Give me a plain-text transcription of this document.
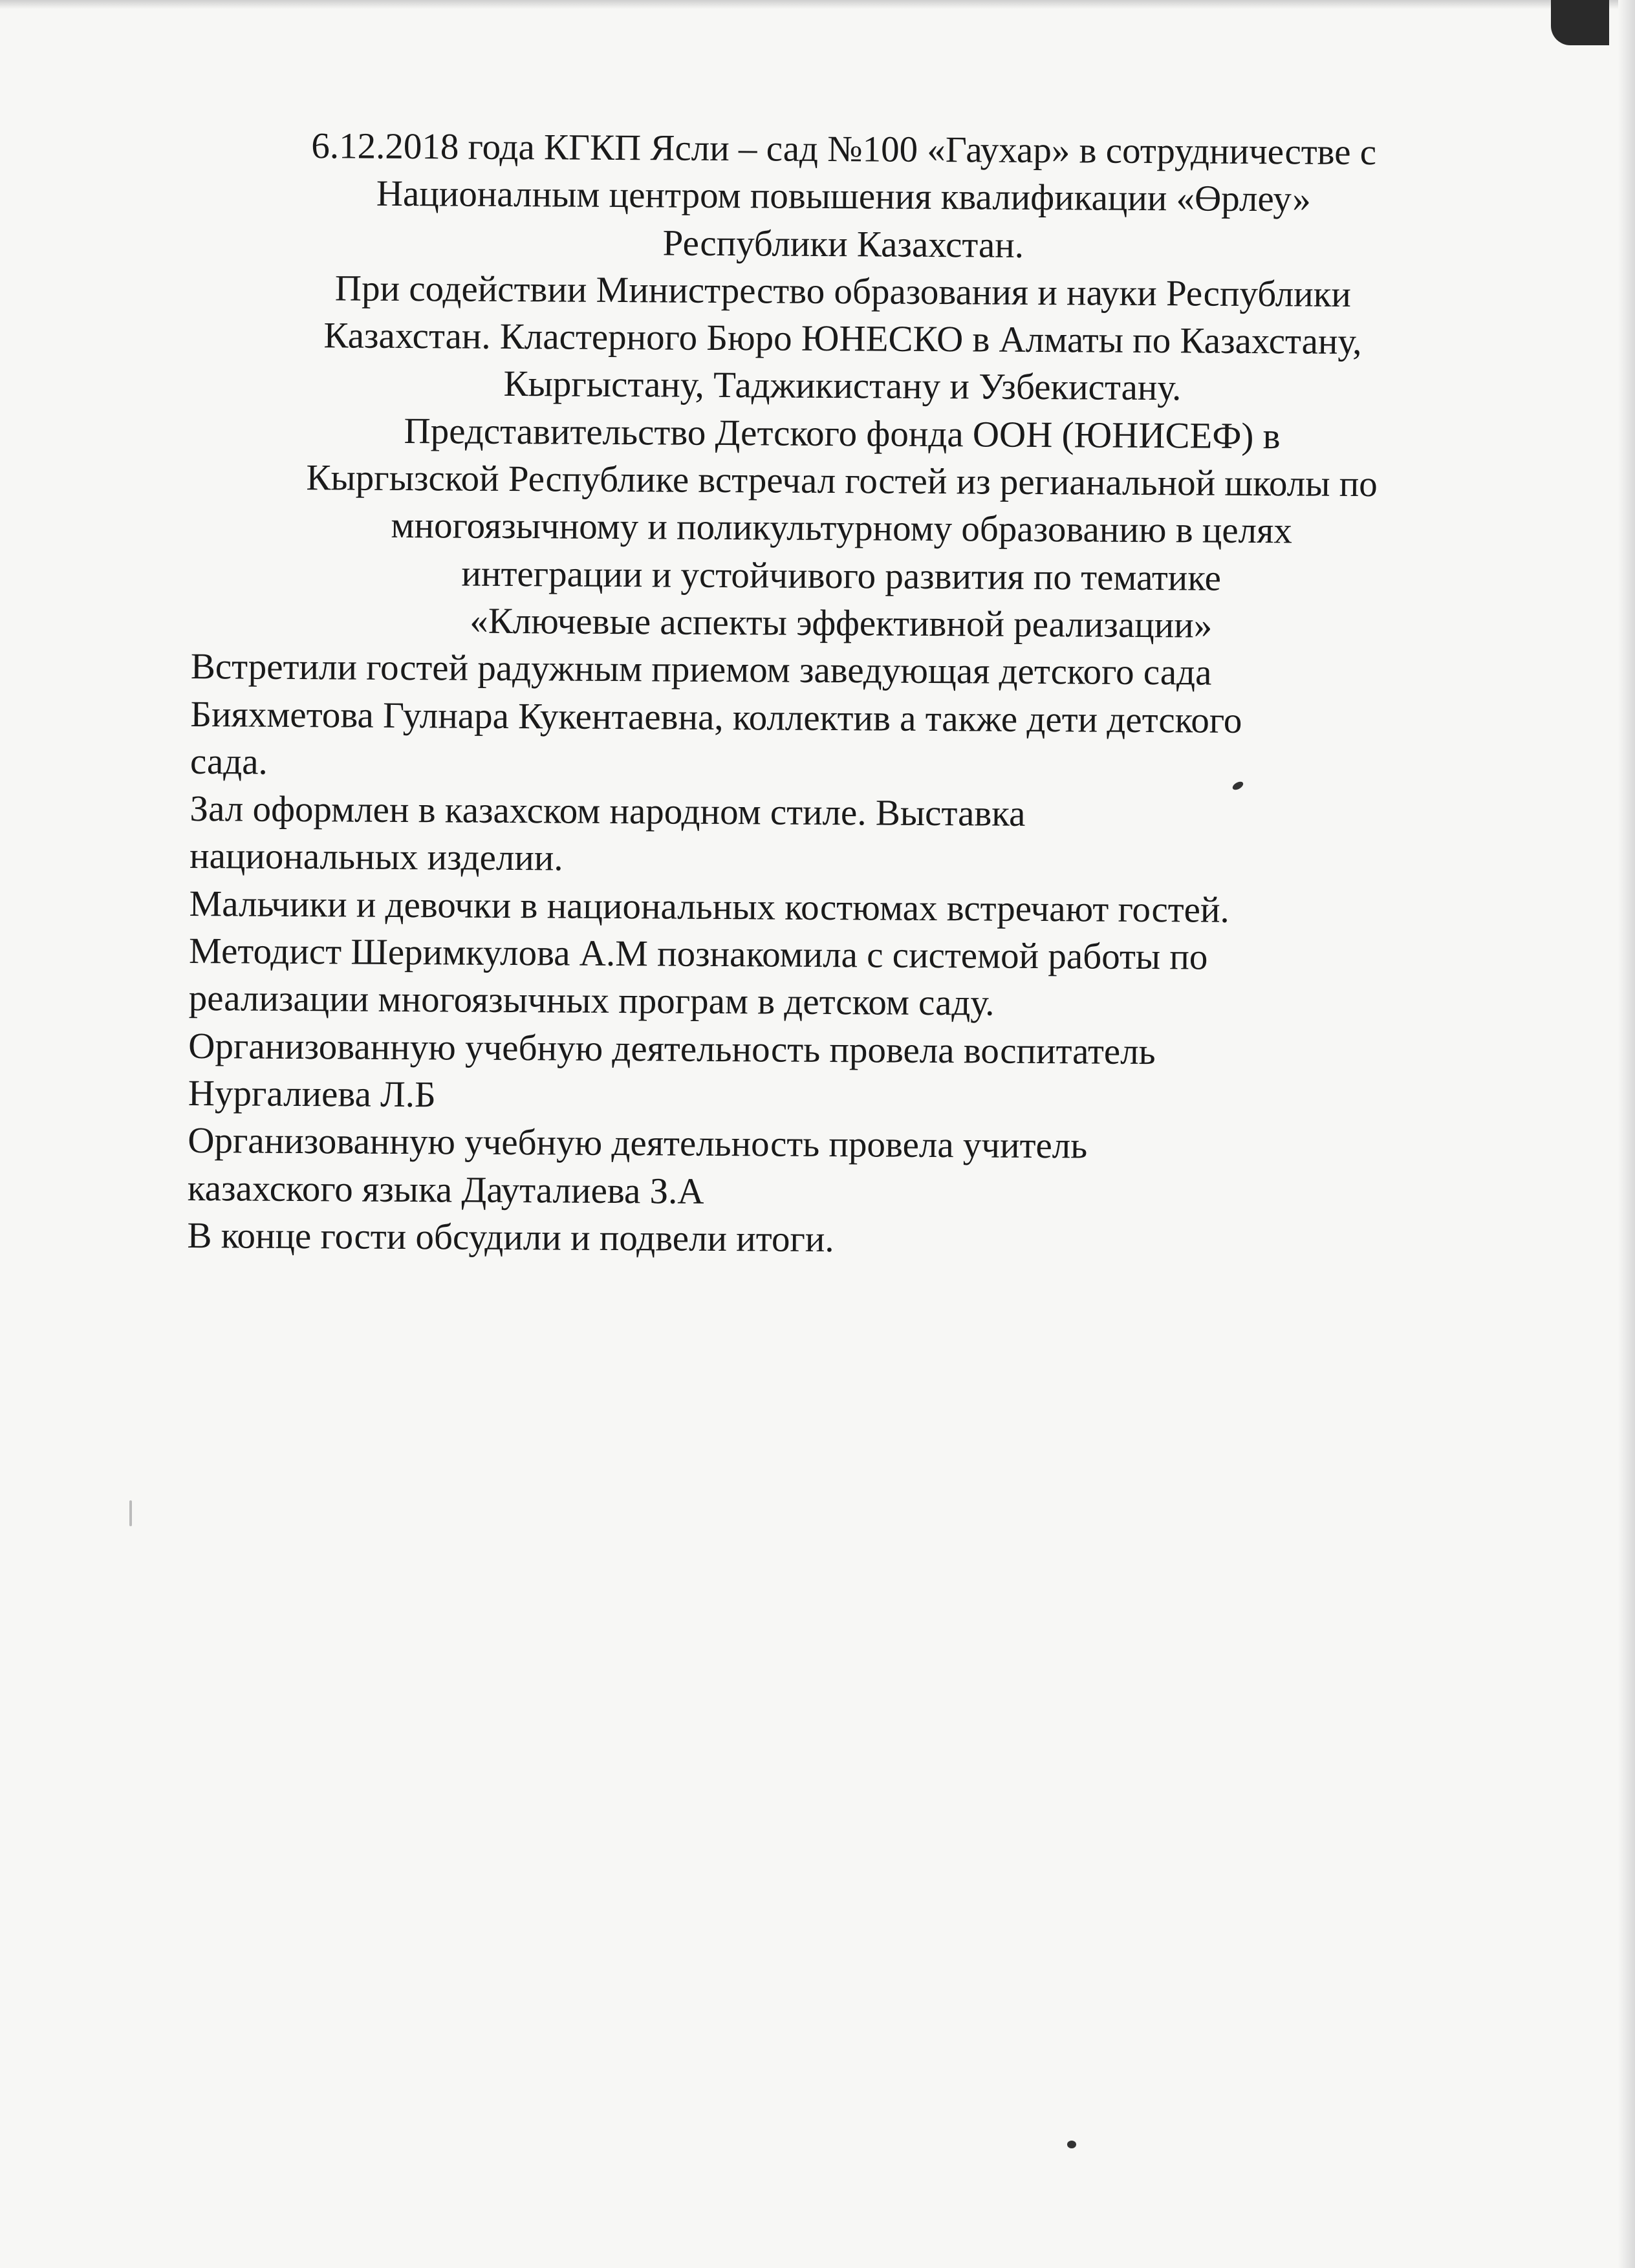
6.12.2018 года КГКП Ясли – сад №100 «Гаухар» в сотрудничестве с
Националным центром повышения квалификации «Өрлеу»
Республики Казахстан.
При содействии Министрество образования и науки Республики
Казахстан. Кластерного Бюро ЮНЕСКО в Алматы по Казахстану,
Кыргыстану, Таджикистану и Узбекистану.
Представительство Детского фонда ООН (ЮНИСЕФ) в
Кыргызской Республике встречал гостей из регианальной школы по
многоязычному и поликультурному образованию в целях
интеграции и устойчивого развития по тематике
«Ключевые аспекты эффективной реализации»
Встретили гостей радужным приемом заведующая детского сада
Бияхметова Гулнара Кукентаевна, коллектив а также дети детского
сада.
Зал оформлен в казахском народном стиле. Выставка
национальных изделии.
Мальчики и девочки в национальных костюмах встречают гостей.
Методист Шеримкулова А.М познакомила с системой работы по
реализации многоязычных програм в детском саду.
Организованную учебную деятельность провела воспитатель
Нургалиева Л.Б
Организованную учебную деятельность провела учитель
казахского языка Дауталиева З.А
В конце гости обсудили и подвели итоги.
